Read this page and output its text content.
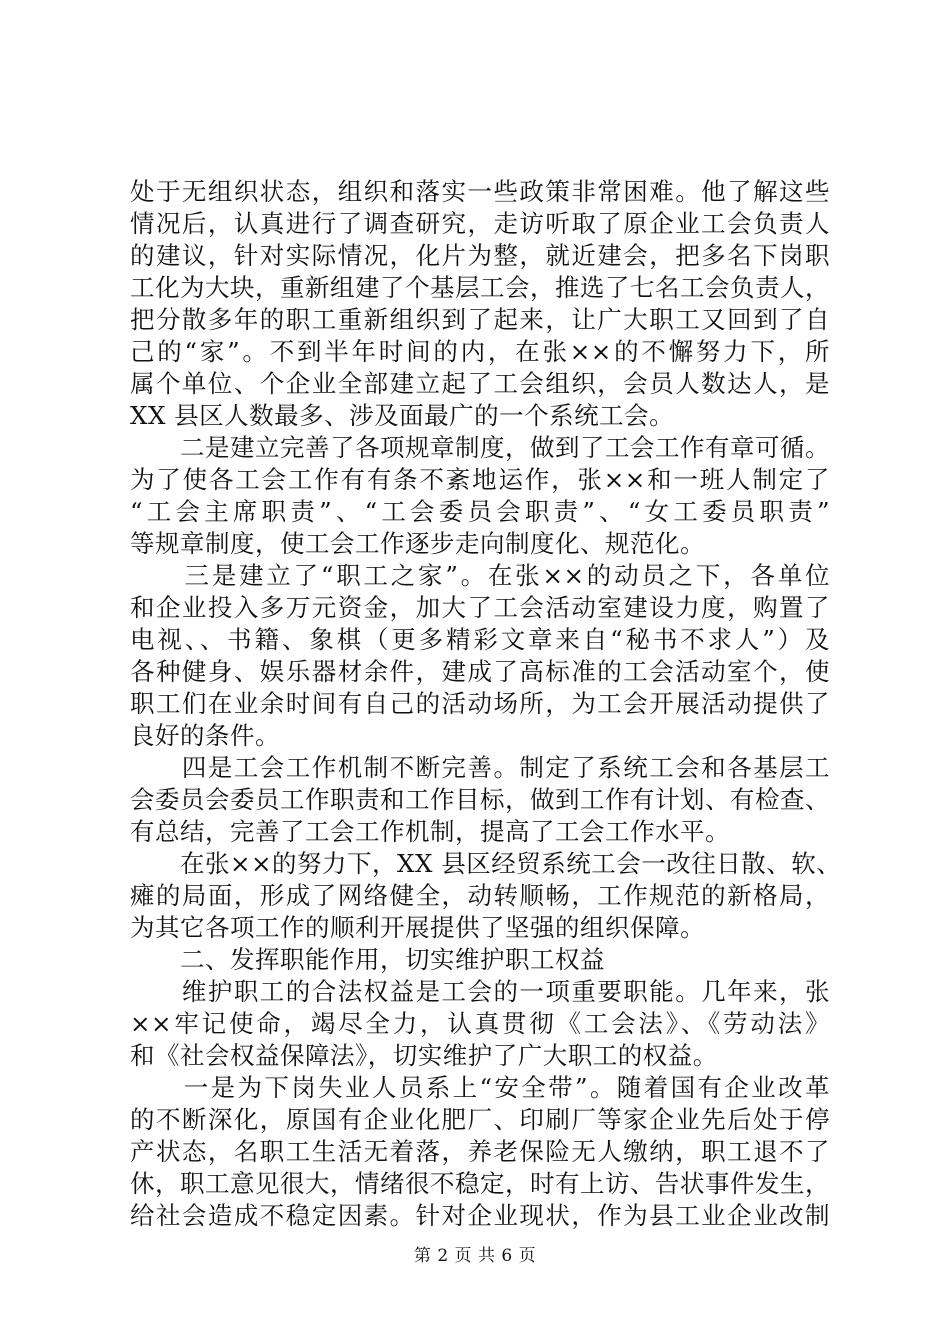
处于无组织状态，组织和落实一些政策非常困难。他了解这些
情况后，认真进行了调查研究，走访听取了原企业工会负责人
的建议，针对实际情况，化片为整，就近建会，把多名下岗职
工化为大块，重新组建了个基层工会，推选了七名工会负责人，
把分散多年的职工重新组织到了起来，让广大职工又回到了自
己的“家”。不到半年时间的内，在张××的不懈努力下，所
属个单位、个企业全部建立起了工会组织，会员人数达人，是
XX 县区人数最多、涉及面最广的一个系统工会。
　　二是建立完善了各项规章制度，做到了工会工作有章可循。
为了使各工会工作有有条不紊地运作，张××和一班人制定了
“工会主席职责”、“工会委员会职责”、“女工委员职责”
等规章制度，使工会工作逐步走向制度化、规范化。
　　三是建立了“职工之家”。在张××的动员之下，各单位
和企业投入多万元资金，加大了工会活动室建设力度，购置了
电视、、书籍、象棋（更多精彩文章来自“秘书不求人”）及
各种健身、娱乐器材余件，建成了高标准的工会活动室个，使
职工们在业余时间有自己的活动场所，为工会开展活动提供了
良好的条件。
　　四是工会工作机制不断完善。制定了系统工会和各基层工
会委员会委员工作职责和工作目标，做到工作有计划、有检查、
有总结，完善了工会工作机制，提高了工会工作水平。
　　在张××的努力下，XX 县区经贸系统工会一改往日散、软、
瘫的局面，形成了网络健全，动转顺畅，工作规范的新格局，
为其它各项工作的顺利开展提供了坚强的组织保障。
　　二、发挥职能作用，切实维护职工权益
　　维护职工的合法权益是工会的一项重要职能。几年来，张
××牢记使命，竭尽全力，认真贯彻《工会法》、《劳动法》
和《社会权益保障法》，切实维护了广大职工的权益。
　　一是为下岗失业人员系上“安全带”。随着国有企业改革
的不断深化，原国有企业化肥厂、印刷厂等家企业先后处于停
产状态，名职工生活无着落，养老保险无人缴纳，职工退不了
休，职工意见很大，情绪很不稳定，时有上访、告状事件发生，
给社会造成不稳定因素。针对企业现状，作为县工业企业改制
第 2 页 共 6 页
